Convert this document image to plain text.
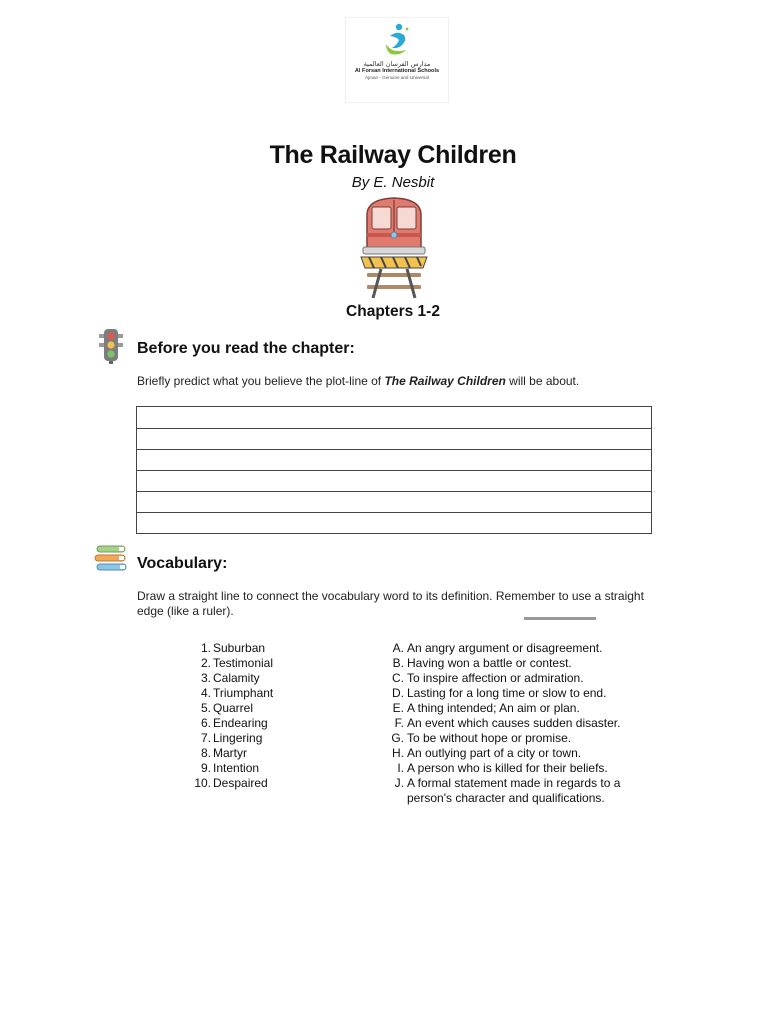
مدارس الفرسان العالمية
Al Forsan International Schools
Ajman - Genuine and Universal
The Railway Children
By E. Nesbit
Chapters 1-2
Before you read the chapter:
Briefly predict what you believe the plot-line of The Railway Children will be about.
Vocabulary:
Draw a straight line to connect the vocabulary word to its definition. Remember to use a straight edge (like a ruler).
1. Suburban
2. Testimonial
3. Calamity
4. Triumphant
5. Quarrel
6. Endearing
7. Lingering
8. Martyr
9. Intention
10. Despaired
A. An angry argument or disagreement.
B. Having won a battle or contest.
C. To inspire affection or admiration.
D. Lasting for a long time or slow to end.
E. A thing intended; An aim or plan.
F. An event which causes sudden disaster.
G. To be without hope or promise.
H. An outlying part of a city or town.
I. A person who is killed for their beliefs.
J. A formal statement made in regards to a person's character and qualifications.
